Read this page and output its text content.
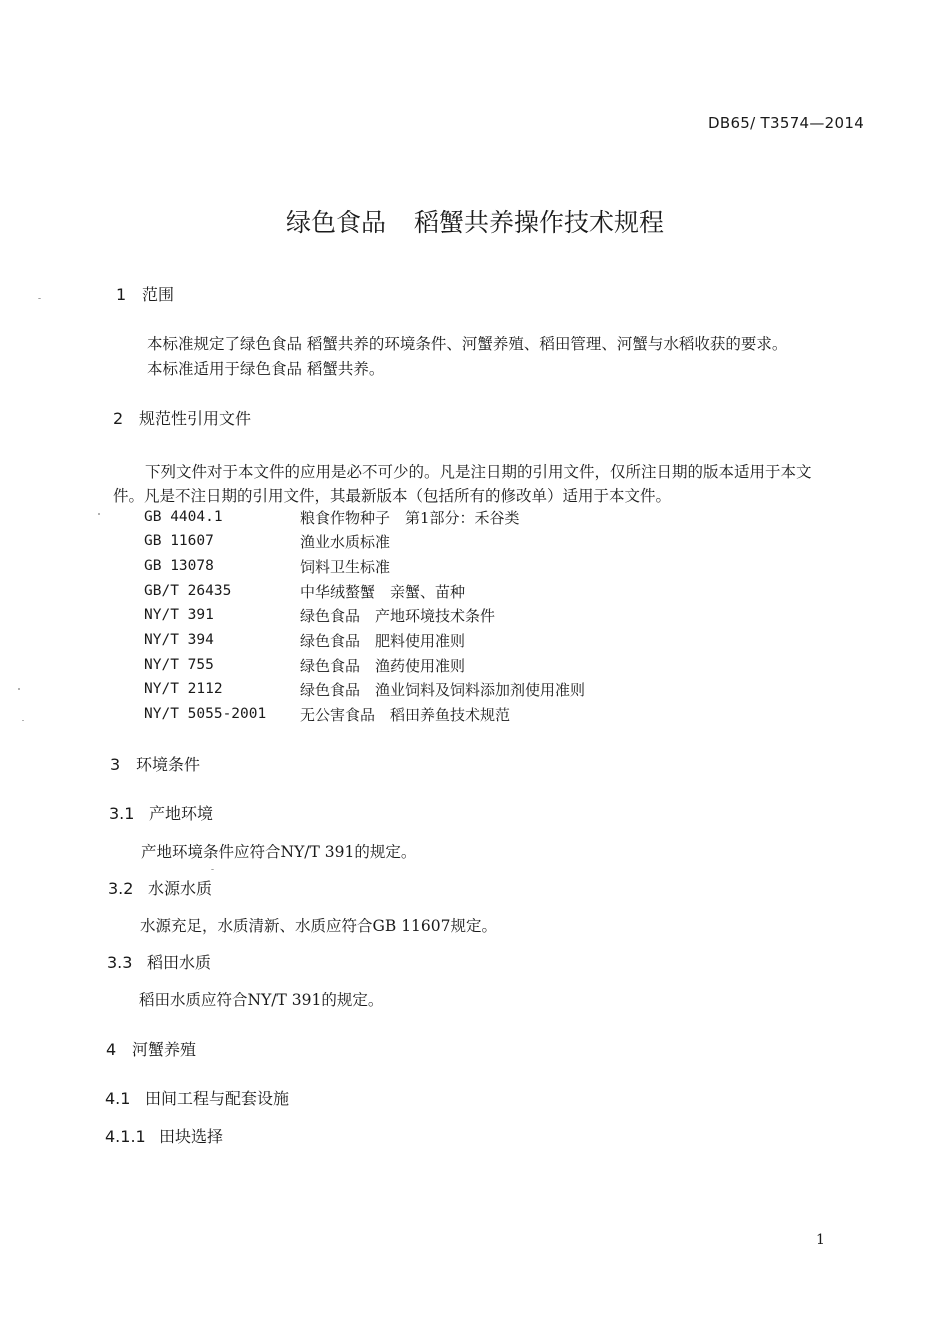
DB65/ T3574—2014
绿色食品 稻蟹共养操作技术规程
1 范围
本标准规定了绿色食品 稻蟹共养的环境条件、河蟹养殖、稻田管理、河蟹与水稻收获的要求。
本标准适用于绿色食品 稻蟹共养。
2 规范性引用文件
下列文件对于本文件的应用是必不可少的。凡是注日期的引用文件，仅所注日期的版本适用于本文
件。凡是不注日期的引用文件，其最新版本（包括所有的修改单）适用于本文件。
GB 4404.1	粮食作物种子　第1部分：禾谷类
GB 11607	渔业水质标准
GB 13078	饲料卫生标准
GB/T 26435	中华绒螯蟹　亲蟹、苗种
NY/T 391	绿色食品　产地环境技术条件
NY/T 394	绿色食品　肥料使用准则
NY/T 755	绿色食品　渔药使用准则
NY/T 2112	绿色食品　渔业饲料及饲料添加剂使用准则
NY/T 5055-2001 无公害食品　稻田养鱼技术规范
3 环境条件
3.1 产地环境
产地环境条件应符合NY/T 391的规定。
3.2 水源水质
水源充足，水质清新、水质应符合GB 11607规定。
3.3 稻田水质
稻田水质应符合NY/T 391的规定。
4 河蟹养殖
4.1 田间工程与配套设施
4.1.1 田块选择
1
